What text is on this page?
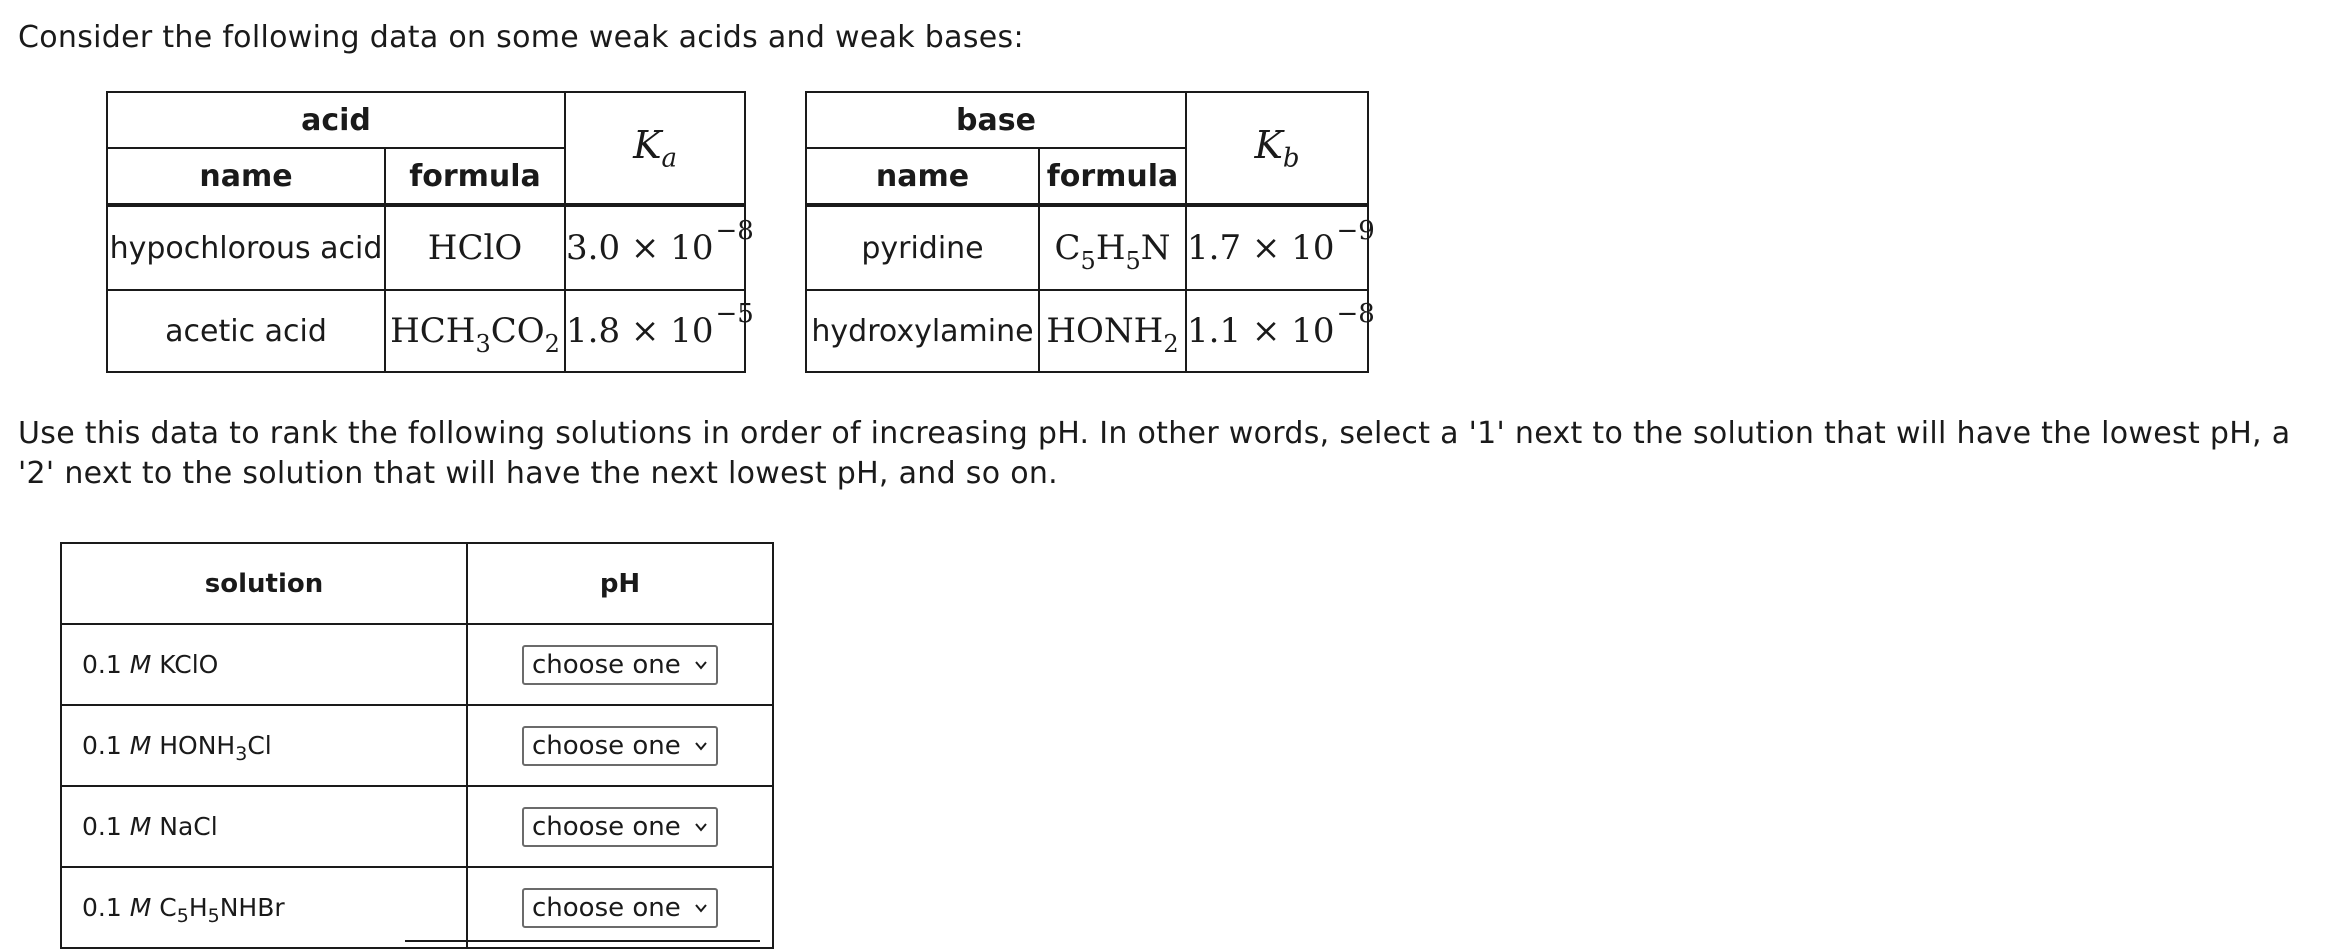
Consider the following data on some weak acids and weak bases:
acid		$K_a$
name	formula	
hypochlorous acid	HClO	$3.0 \times 10^{-8}$
acetic acid	$HCH_3CO_2$	$1.8 \times 10^{-5}$
base		$K_b$
name	formula	
pyridine	$C_5H_5N$	$1.7 \times 10^{-9}$
hydroxylamine	$HONH_2$	$1.1 \times 10^{-8}$
Use this data to rank the following solutions in order of increasing pH. In other words, select a '1' next to the solution that will have the lowest pH, a '2' next to the solution that will have the next lowest pH, and so on.
solution	pH
0.1 M KClO	choose one

0.1 M $HONH_3Cl$	choose one

0.1 M NaCl	choose one

0.1 M $C_5H_5NHBr$	choose one
